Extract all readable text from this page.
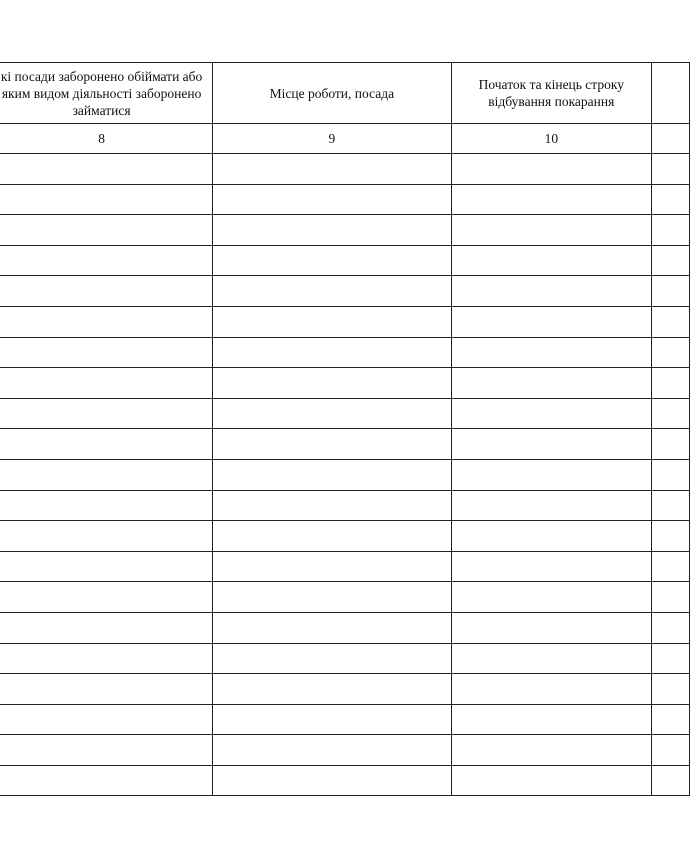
кі посади заборонено обіймати або яким видом діяльності заборонено займатися	Місце роботи, посада	Початок та кінець строку відбування покарання	

8	9	10	
